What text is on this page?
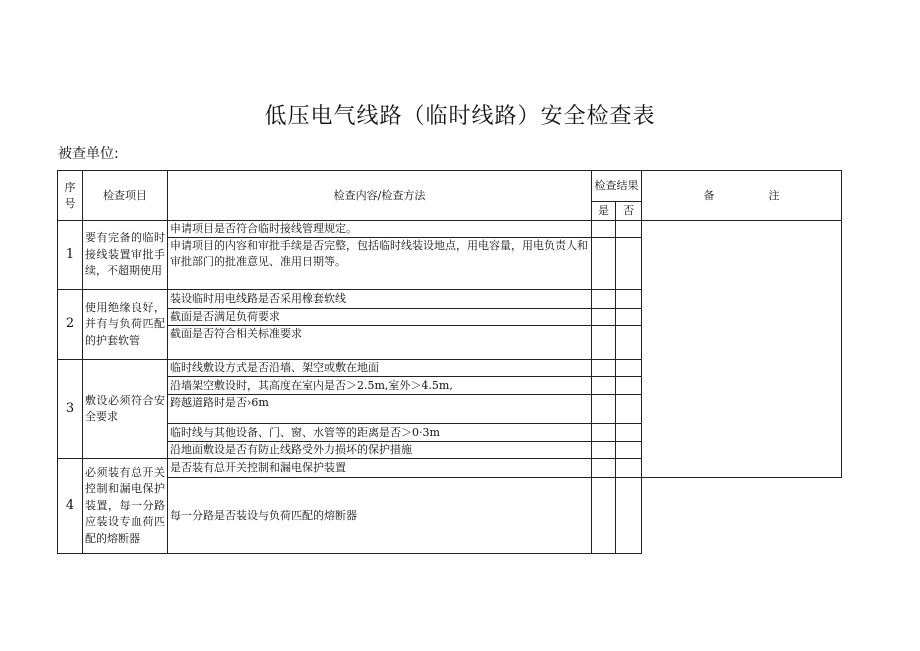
低压电气线路（临时线路）安全检查表
被查单位:
序号	检查项目	检查内容/检查方法	检查结果		备 注
			是	否	
1	要有完备的临时接线装置审批手续，不超期使用	申请项目是否符合临时接线管理规定。			
		申请项目的内容和审批手续是否完整，包括临时线装设地点，用电容量，用电负责人和审批部门的批准意见、准用日期等。			
2	使用绝缘良好，并有与负荷匹配的护套软管	装设临时用电线路是否采用橡套软线			
		截面是否满足负荷要求			
		截面是否符合相关标准要求			
3	敷设必须符合安全要求	临时线敷设方式是否沿墙、架空或敷在地面			
		沿墙架空敷设时，其高度在室内是否＞2.5m,室外＞4.5m,			
		跨越道路时是否›6m			
		临时线与其他设备、门、窗、水管等的距离是否＞0·3m			
		沿地面敷设是否有防止线路受外力损坏的保护措施			
4	必须装有总开关控制和漏电保护装置，每一分路应装设专血荷匹配的熔断器	是否装有总开关控制和漏电保护装置			
		每一分路是否装设与负荷匹配的熔断器			
